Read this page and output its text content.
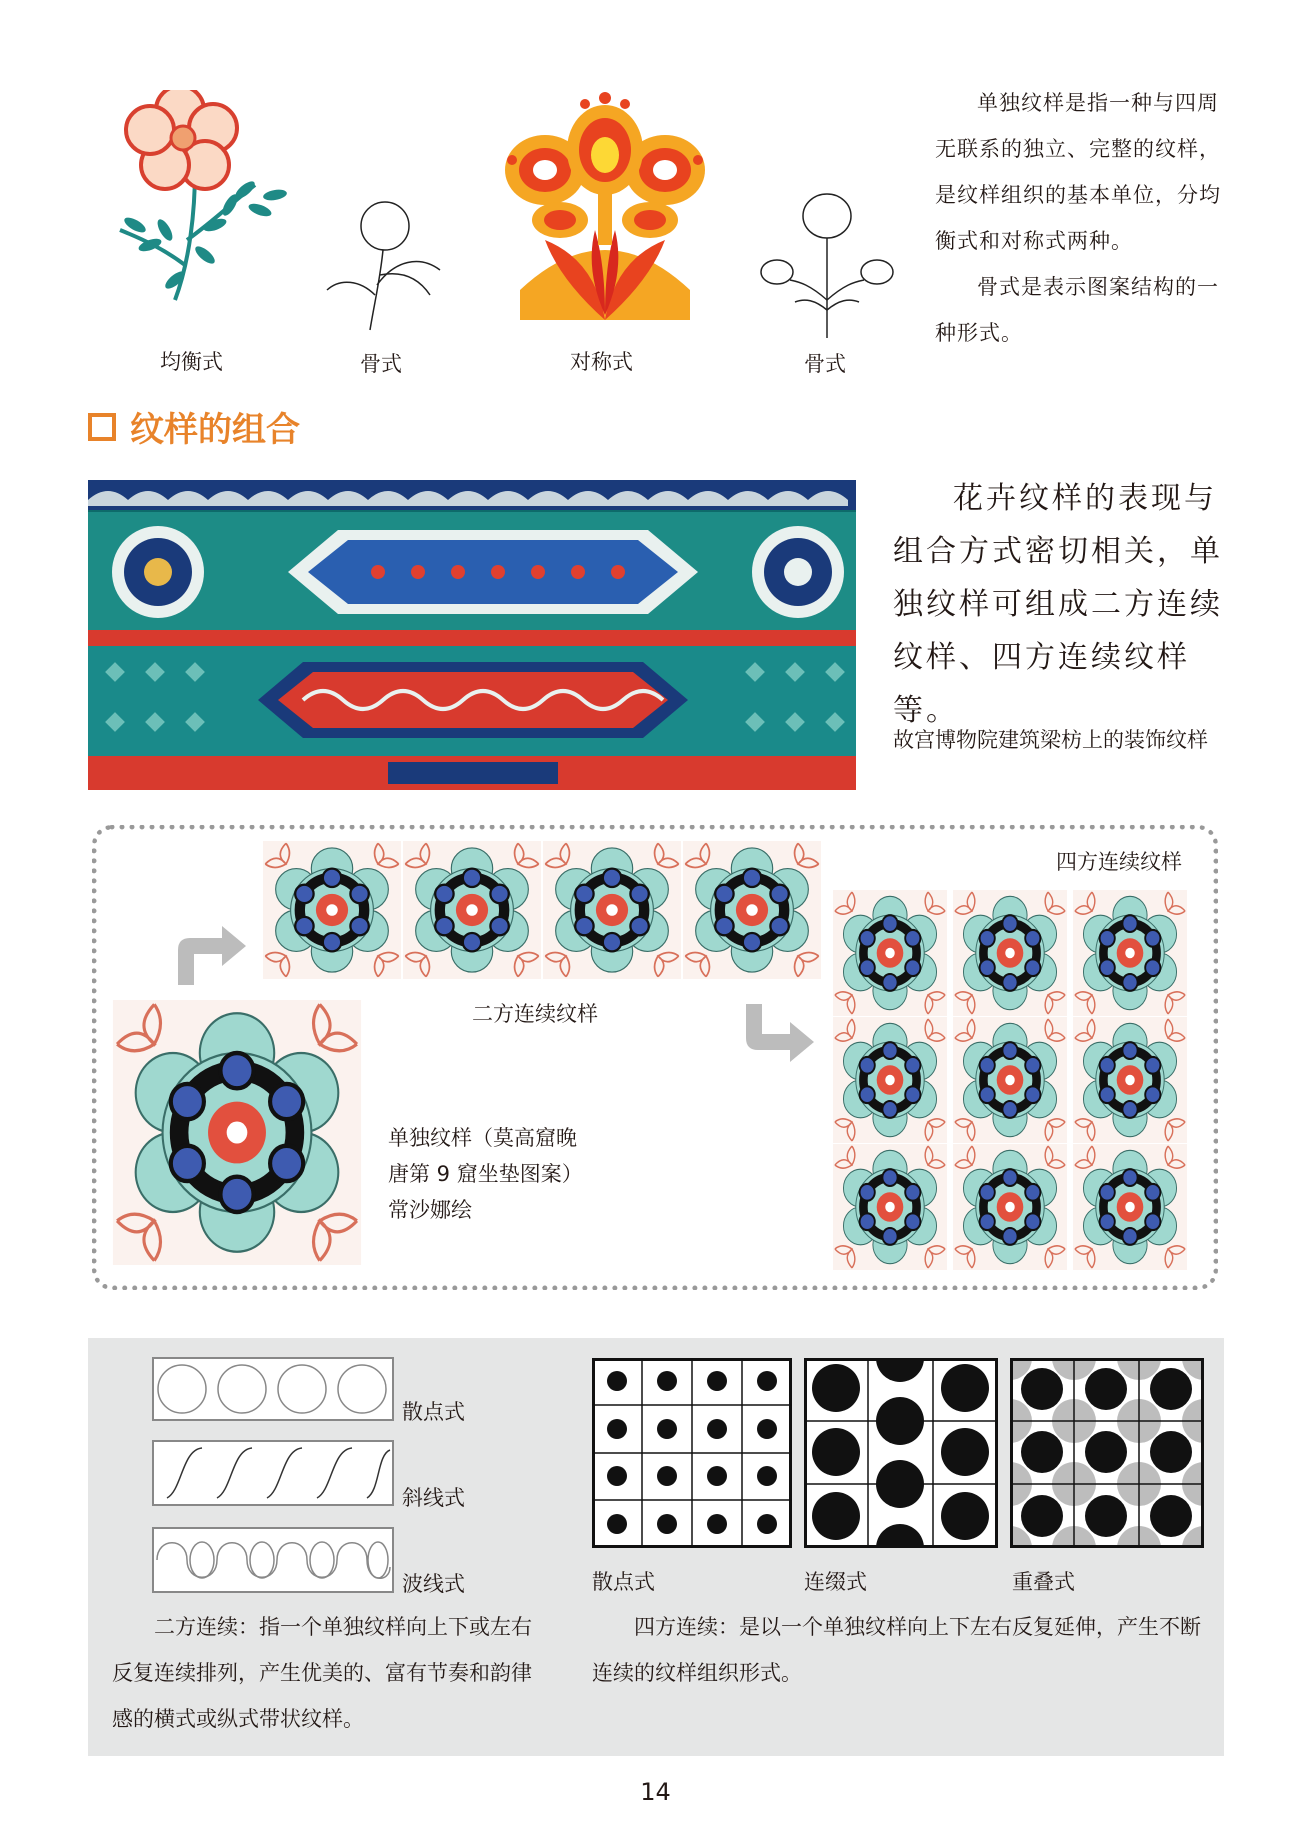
均衡式	骨式	对称式	骨式

单独纹样是指一种与四周无联系的独立、完整的纹样，是纹样组织的基本单位，分均衡式和对称式两种。

骨式是表示图案结构的一种形式。

纹样的组合

花卉纹样的表现与组合方式密切相关，单独纹样可组成二方连续纹样、四方连续纹样等。

故宫博物院建筑梁枋上的装饰纹样
四方连续纹样
二方连续纹样
单独纹样（莫高窟晚
唐第 9 窟坐垫图案）
常沙娜绘
散点式
斜线式
波线式	散点式	连缀式	重叠式

二方连续：指一个单独纹样向上下或左右反复连续排列，产生优美的、富有节奏和韵律感的横式或纵式带状纹样。

四方连续：是以一个单独纹样向上下左右反复延伸，产生不断连续的纹样组织形式。

14
